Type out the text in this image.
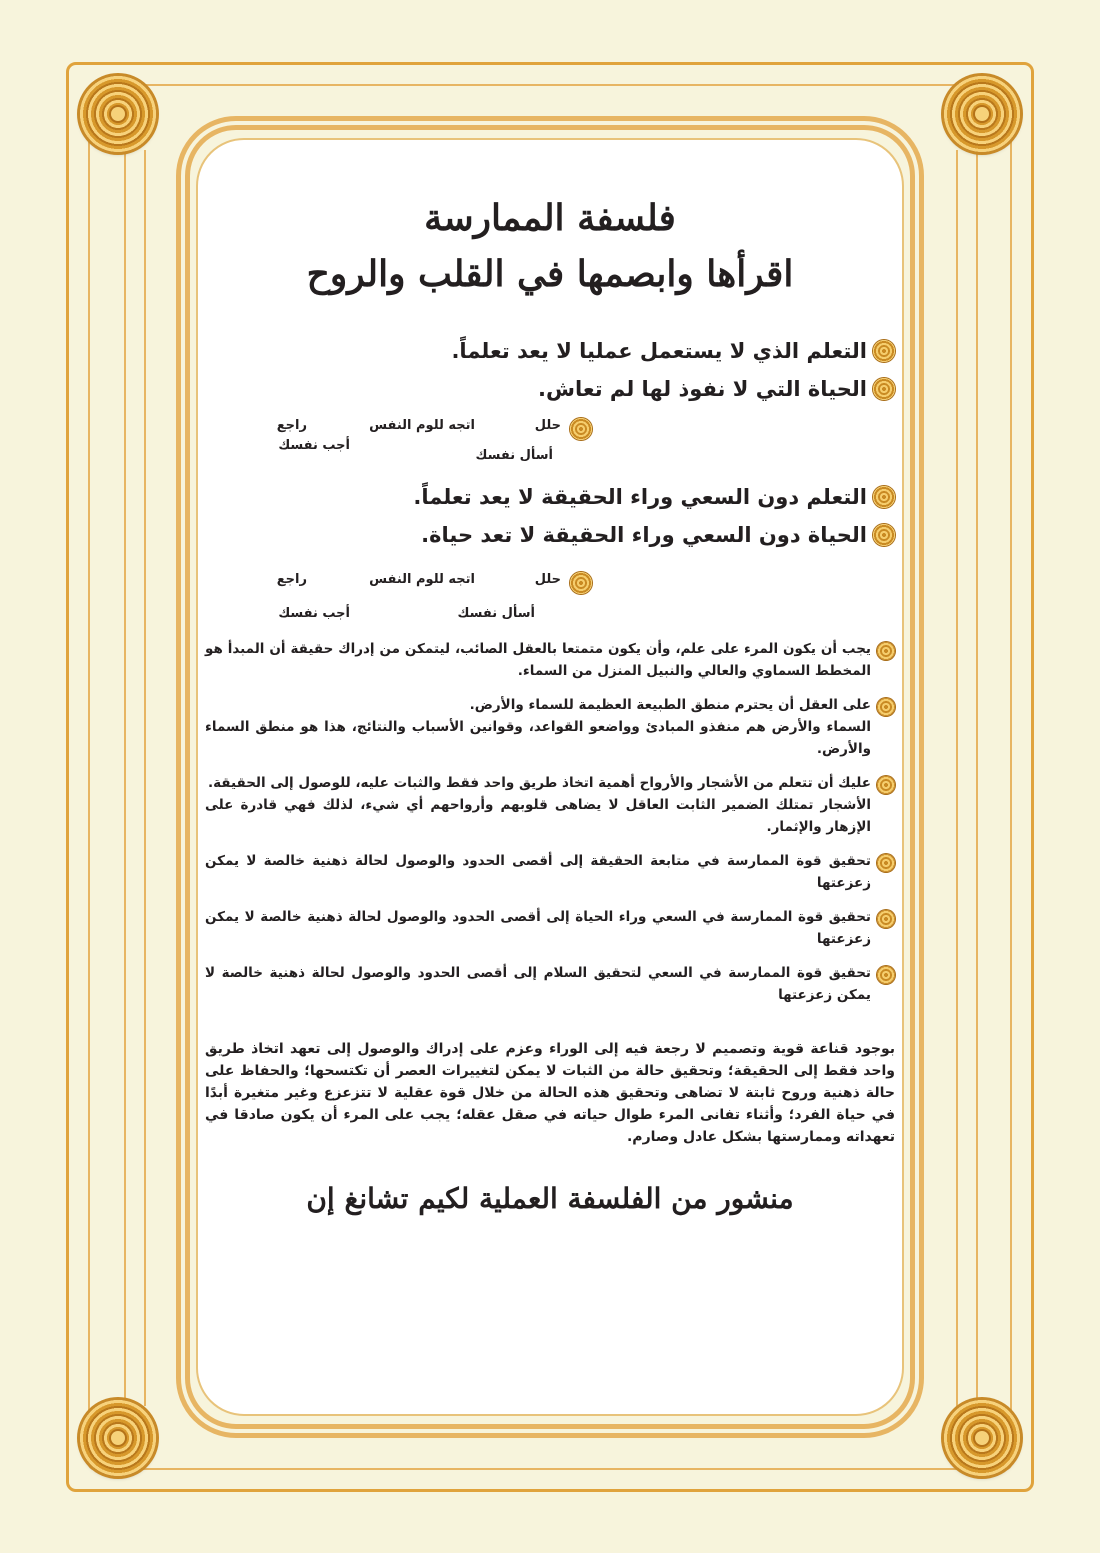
فلسفة الممارسة
اقرأها وابصمها في القلب والروح
التعلم الذي لا يستعمل عمليا لا يعد تعلماً.
الحياة التي لا نفوذ لها لم تعاش.
حلل
اتجه للوم النفس
راجع
أسأل نفسك
أجب نفسك
التعلم دون السعي وراء الحقيقة لا يعد تعلماً.
الحياة دون السعي وراء الحقيقة لا تعد حياة.
حلل
اتجه للوم النفس
راجع
أسأل نفسك
أجب نفسك
يجب أن يكون المرء على علم، وأن يكون متمتعا بالعقل الصائب، ليتمكن من إدراك حقيقة أن المبدأ هو المخطط السماوي والعالي والنبيل المنزل من السماء.
على العقل أن يحترم منطق الطبيعة العظيمة للسماء والأرض.
السماء والأرض هم منفذو المبادئ وواضعو القواعد، وقوانين الأسباب والنتائج، هذا هو منطق السماء والأرض.
عليك أن تتعلم من الأشجار والأرواح أهمية اتخاذ طريق واحد فقط والثبات عليه، للوصول إلى الحقيقة.
الأشجار تمتلك الضمير الثابت العاقل لا يضاهى قلوبهم وأرواحهم أي شيء، لذلك فهي قادرة على الإزهار والإثمار.
تحقيق قوة الممارسة في متابعة الحقيقة إلى أقصى الحدود والوصول لحالة ذهنية خالصة لا يمكن زعزعتها
تحقيق قوة الممارسة في السعي وراء الحياة إلى أقصى الحدود والوصول لحالة ذهنية خالصة لا يمكن زعزعتها
تحقيق قوة الممارسة في السعي لتحقيق السلام إلى أقصى الحدود والوصول لحالة ذهنية خالصة لا يمكن زعزعتها

بوجود قناعة قوية وتصميم لا رجعة فيه إلى الوراء وعزم على إدراك والوصول إلى تعهد اتخاذ طريق واحد فقط إلى الحقيقة؛ وتحقيق حالة من الثبات لا يمكن لتغييرات العصر أن تكتسحها؛ والحفاظ على حالة ذهنية وروح ثابتة لا تضاهى وتحقيق هذه الحالة من خلال قوة عقلية لا تتزعزع وغير متغيرة أبدًا في حياة الفرد؛ وأثناء تفانى المرء طوال حياته في صقل عقله؛ يجب على المرء أن يكون صادقا في تعهداته وممارستها بشكل عادل وصارم.

منشور من الفلسفة العملية لكيم تشانغ إن
